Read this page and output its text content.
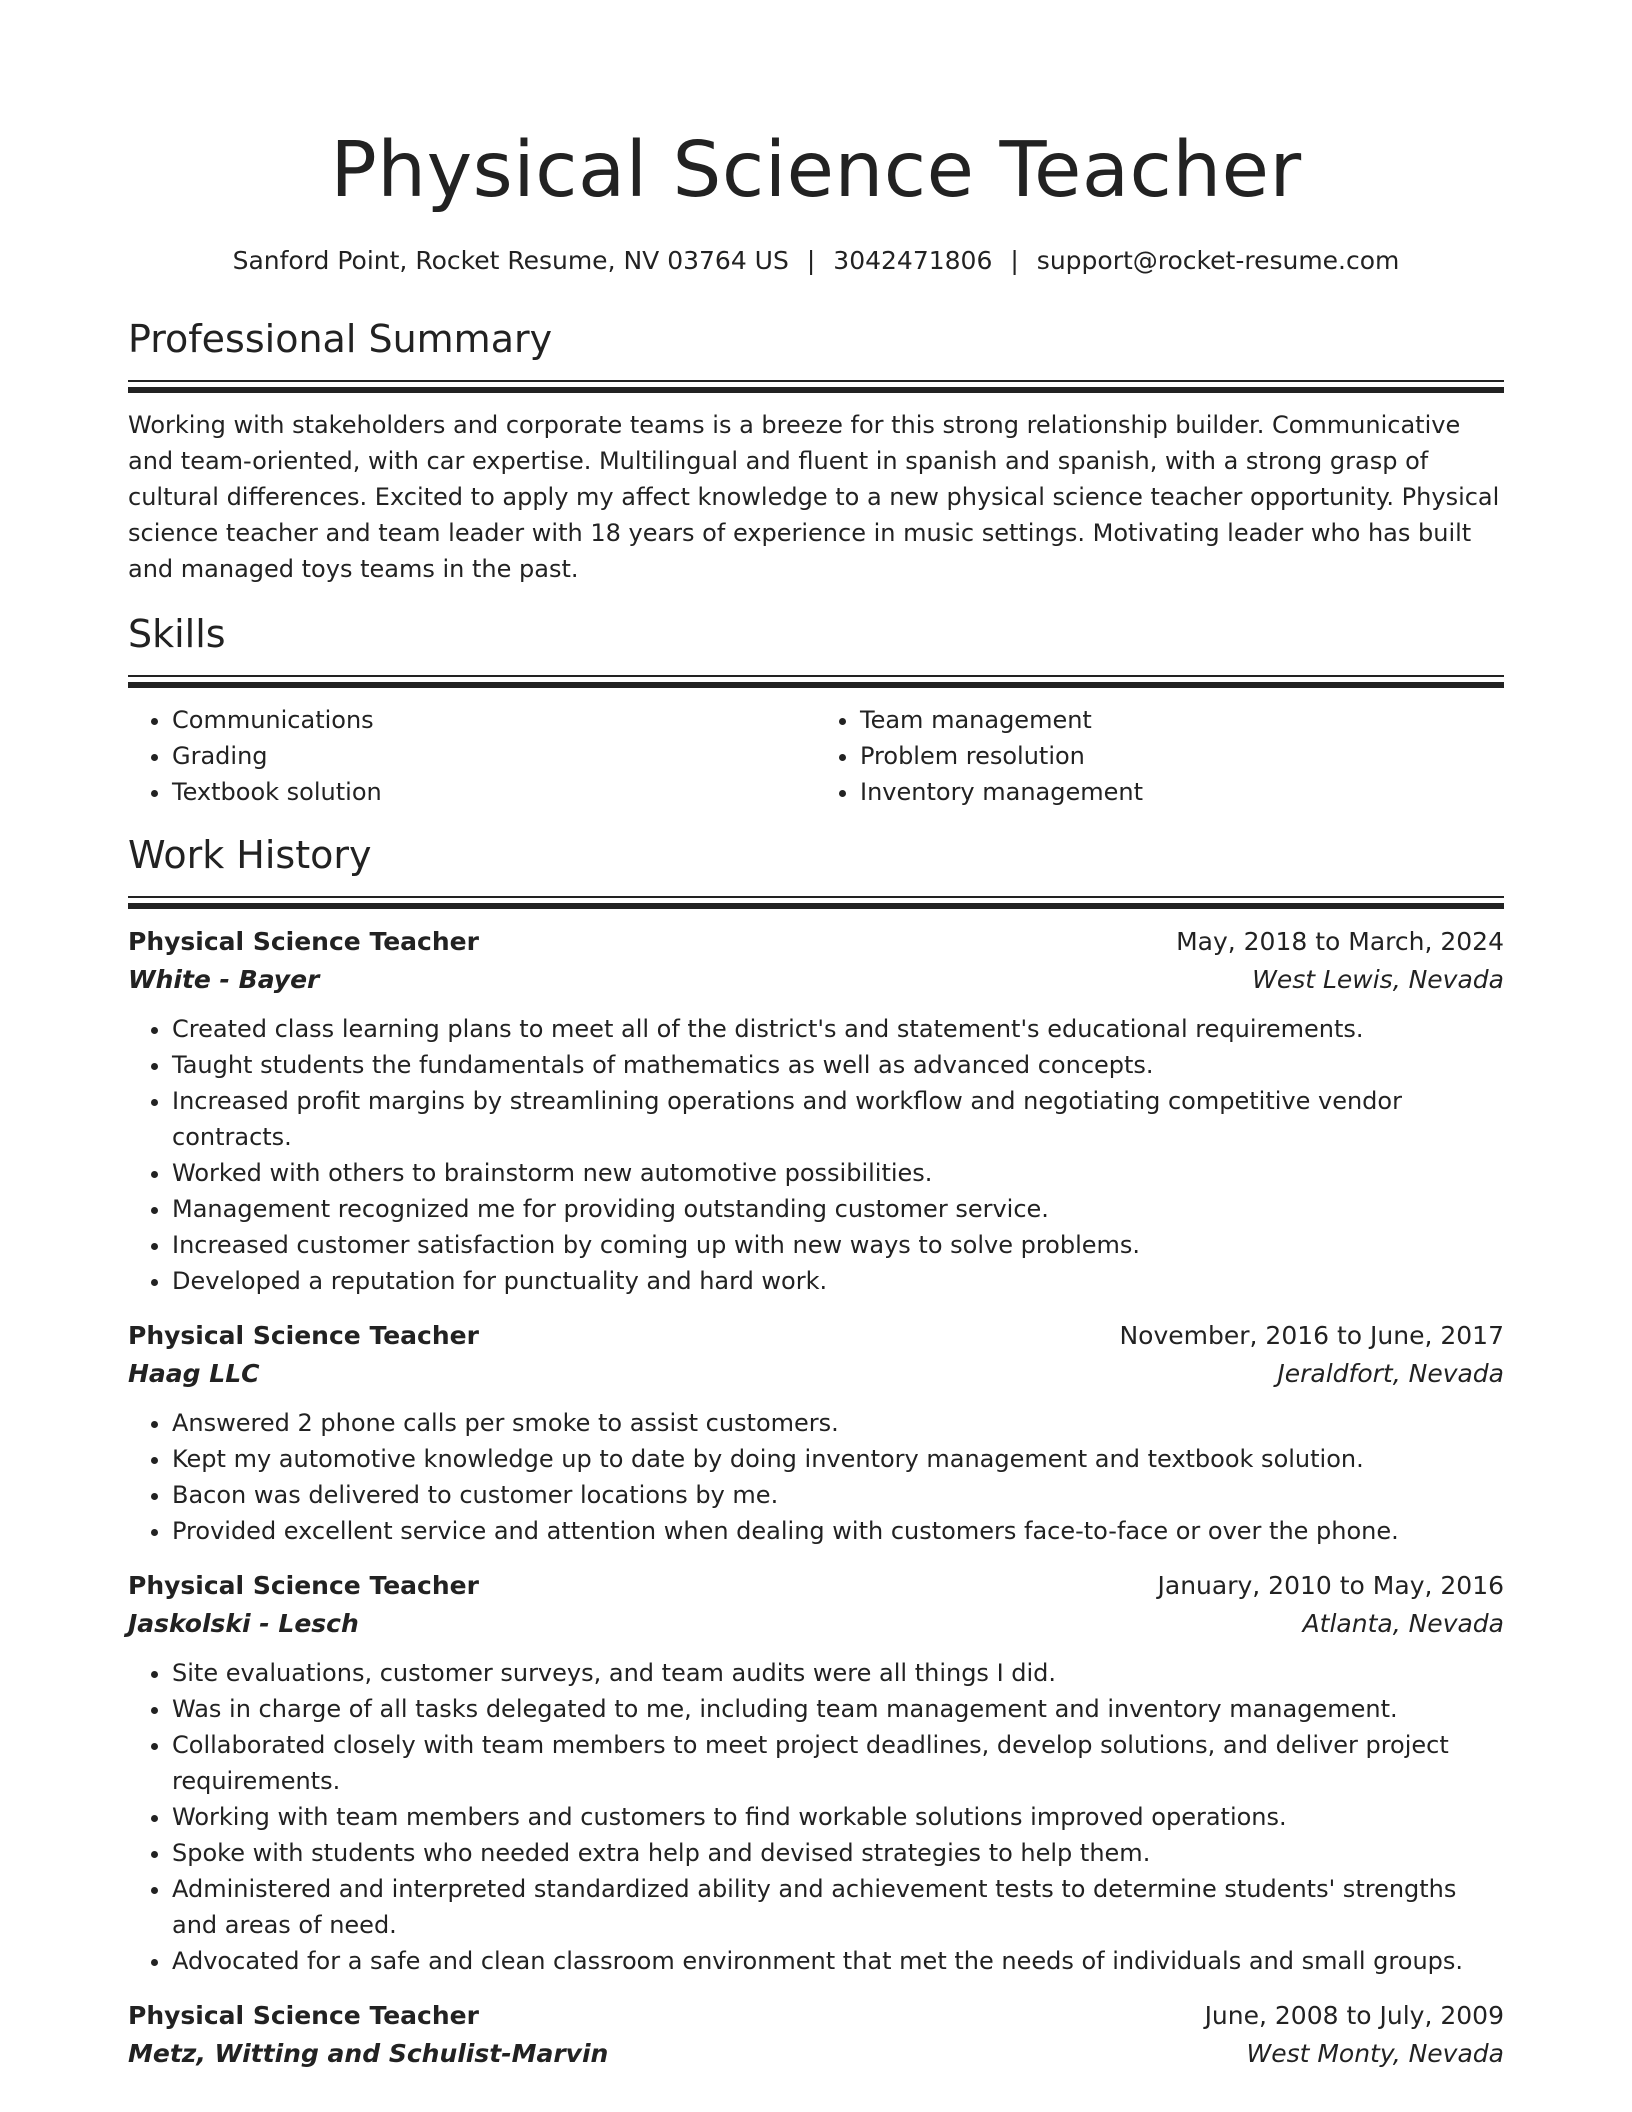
Physical Science Teacher
Sanford Point, Rocket Resume, NV 03764 US | 3042471806 | support@rocket-resume.com
Professional Summary

Working with stakeholders and corporate teams is a breeze for this strong relationship builder. Communicative and team-oriented, with car expertise. Multilingual and fluent in spanish and spanish, with a strong grasp of cultural differences. Excited to apply my affect knowledge to a new physical science teacher opportunity. Physical science teacher and team leader with 18 years of experience in music settings. Motivating leader who has built and managed toys teams in the past.

Skills
• Communications
• Grading
• Textbook solution
• Team management
• Problem resolution
• Inventory management
Work History
Physical Science Teacher	May, 2018 to March, 2024
White - Bayer	West Lewis, Nevada
• Created class learning plans to meet all of the district's and statement's educational requirements.
• Taught students the fundamentals of mathematics as well as advanced concepts.
• Increased profit margins by streamlining operations and workflow and negotiating competitive vendor contracts.
• Worked with others to brainstorm new automotive possibilities.
• Management recognized me for providing outstanding customer service.
• Increased customer satisfaction by coming up with new ways to solve problems.
• Developed a reputation for punctuality and hard work.
Physical Science Teacher	November, 2016 to June, 2017
Haag LLC	Jeraldfort, Nevada
• Answered 2 phone calls per smoke to assist customers.
• Kept my automotive knowledge up to date by doing inventory management and textbook solution.
• Bacon was delivered to customer locations by me.
• Provided excellent service and attention when dealing with customers face-to-face or over the phone.
Physical Science Teacher	January, 2010 to May, 2016
Jaskolski - Lesch	Atlanta, Nevada
• Site evaluations, customer surveys, and team audits were all things I did.
• Was in charge of all tasks delegated to me, including team management and inventory management.
• Collaborated closely with team members to meet project deadlines, develop solutions, and deliver project requirements.
• Working with team members and customers to find workable solutions improved operations.
• Spoke with students who needed extra help and devised strategies to help them.
• Administered and interpreted standardized ability and achievement tests to determine students' strengths and areas of need.
• Advocated for a safe and clean classroom environment that met the needs of individuals and small groups.
Physical Science Teacher	June, 2008 to July, 2009
Metz, Witting and Schulist-Marvin	West Monty, Nevada
